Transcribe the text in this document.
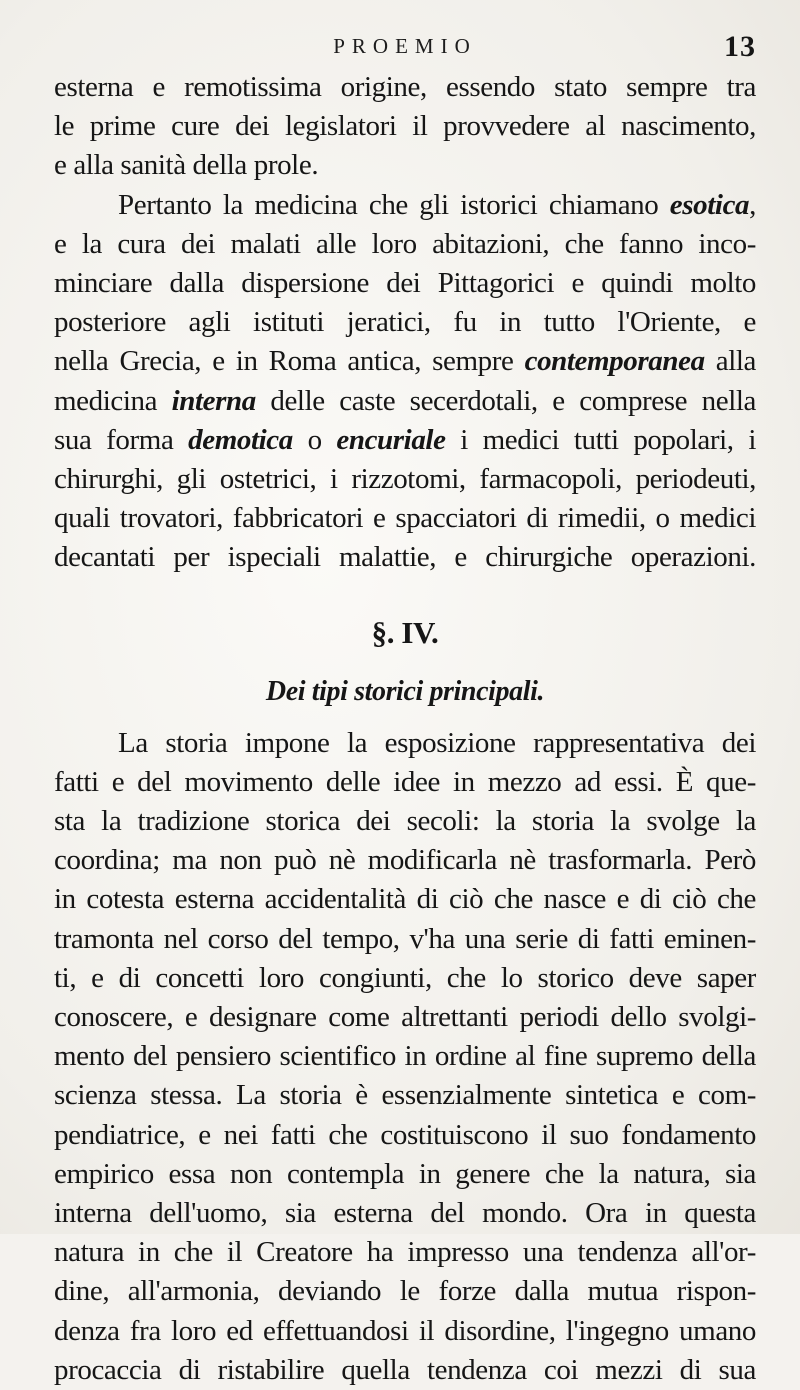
PROEMIO	13
esterna e remotissima origine, essendo stato sempre tra
le prime cure dei legislatori il provvedere al nascimento,
e alla sanità della prole.
Pertanto la medicina che gli istorici chiamano esotica,
e la cura dei malati alle loro abitazioni, che fanno inco-
minciare dalla dispersione dei Pittagorici e quindi molto
posteriore agli istituti jeratici, fu in tutto l'Oriente, e
nella Grecia, e in Roma antica, sempre contemporanea alla
medicina interna delle caste secerdotali, e comprese nella
sua forma demotica o encuriale i medici tutti popolari, i
chirurghi, gli ostetrici, i rizzotomi, farmacopoli, periodeuti,
quali trovatori, fabbricatori e spacciatori di rimedii, o medici
decantati per ispeciali malattie, e chirurgiche operazioni.
§. IV.
Dei tipi storici principali.
La storia impone la esposizione rappresentativa dei
fatti e del movimento delle idee in mezzo ad essi. È que-
sta la tradizione storica dei secoli: la storia la svolge la
coordina; ma non può nè modificarla nè trasformarla. Però
in cotesta esterna accidentalità di ciò che nasce e di ciò che
tramonta nel corso del tempo, v'ha una serie di fatti eminen-
ti, e di concetti loro congiunti, che lo storico deve saper
conoscere, e designare come altrettanti periodi dello svolgi-
mento del pensiero scientifico in ordine al fine supremo della
scienza stessa. La storia è essenzialmente sintetica e com-
pendiatrice, e nei fatti che costituiscono il suo fondamento
empirico essa non contempla in genere che la natura, sia
interna dell'uomo, sia esterna del mondo. Ora in questa
natura in che il Creatore ha impresso una tendenza all'or-
dine, all'armonia, deviando le forze dalla mutua rispon-
denza fra loro ed effettuandosi il disordine, l'ingegno umano
procaccia di ristabilire quella tendenza coi mezzi di sua
